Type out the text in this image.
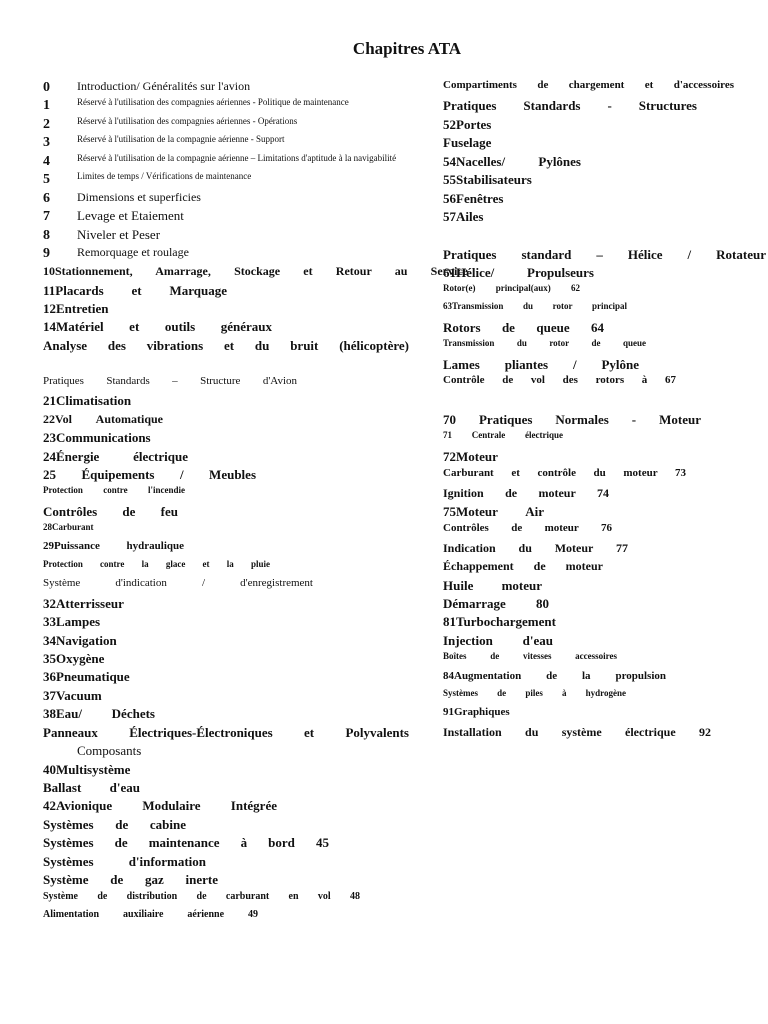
Chapitres ATA
0 Introduction/ Généralités sur l'avion
1	Réservé à l'utilisation des compagnies aériennes - Politique de maintenance
2	Réservé à l'utilisation des compagnies aériennes - Opérations
3	Réservé à l'utilisation de la compagnie aérienne - Support
4	Réservé à l'utilisation de la compagnie aérienne – Limitations d'aptitude à la navigabilité
5	Limites de temps / Vérifications de maintenance
6 Dimensions et superficies
7 Levage et Etaiement
8 Niveler et Peser
9 Remorquage et roulage
10Stationnement, Amarrage, Stockage et Retour au Service
11Placards et Marquage
12Entretien
14Matériel et outils généraux
Analyse des vibrations et du bruit (hélicoptère)
Pratiques Standards – Structure d'Avion
21Climatisation
22Vol Automatique
23Communications
24Énergie électrique
25 Équipements / Meubles
Protection contre l'incendie
Contrôles de feu
28Carburant
29Puissance hydraulique
Protection contre la glace et la pluie
Système d'indication / d'enregistrement
32Atterrisseur
33Lampes
34Navigation
35Oxygène
36Pneumatique
37Vacuum
38Eau/ Déchets
Panneaux Électriques-Électroniques et Polyvalents
Composants
40Multisystème
Ballast d'eau
42Avionique Modulaire Intégrée
Systèmes de cabine
Systèmes de maintenance à bord 45
Systèmes d'information
Système de gaz inerte
Système de distribution de carburant en vol 48
Alimentation auxiliaire aérienne 49
Compartiments de chargement et d'accessoires
Pratiques Standards - Structures
52Portes
Fuselage
54Nacelles/ Pylônes
55Stabilisateurs
56Fenêtres
57Ailes
Pratiques standard – Hélice / Rotateur
61Hélice/ Propulseurs
Rotor(e) principal(aux) 62
63Transmission du rotor principal
Rotors de queue 64
Transmission du rotor de queue
Lames pliantes / Pylône
Contrôle de vol des rotors à 67
70 Pratiques Normales - Moteur
71 Centrale électrique
72Moteur
Carburant et contrôle du moteur 73
Ignition de moteur 74
75Moteur Air
Contrôles de moteur 76
Indication du Moteur 77
Échappement de moteur
Huile moteur
Démarrage 80
81Turbochargement
Injection d'eau
Boîtes de vitesses accessoires
84Augmentation de la propulsion
Systèmes de piles à hydrogène
91Graphiques
Installation du système électrique 92
